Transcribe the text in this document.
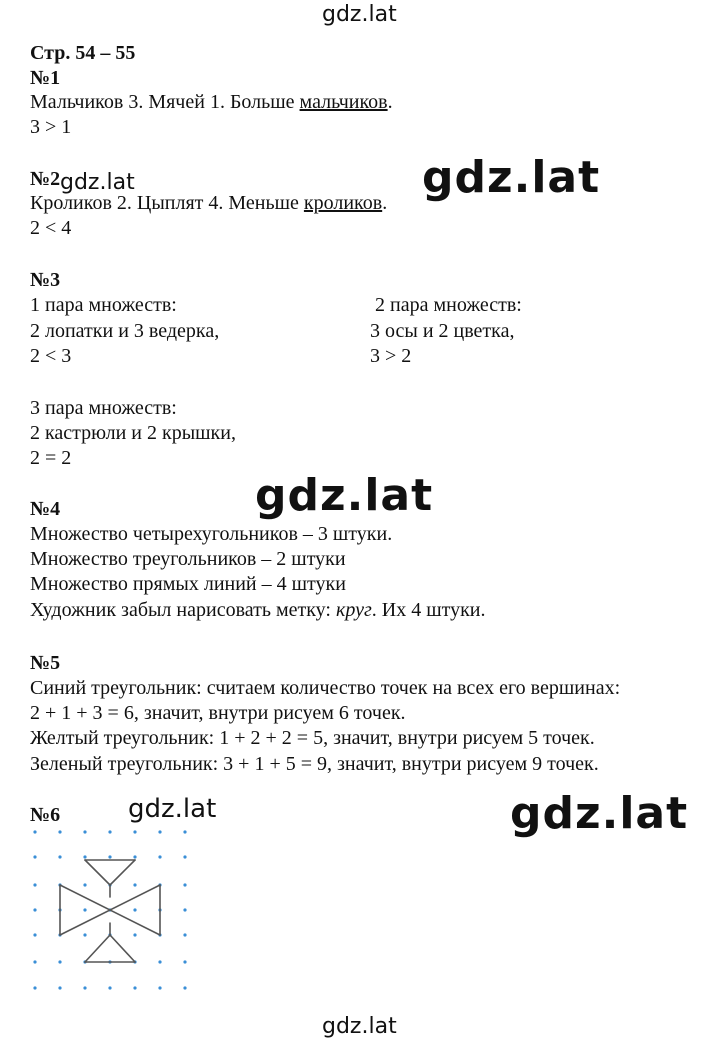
gdz.lat
gdz.lat	gdz.lat
gdz.lat
gdz.lat	gdz.lat
gdz.lat
Стр. 54 – 55
№1
Мальчиков 3. Мячей 1. Больше мальчиков.
3 > 1
№2
Кроликов 2. Цыплят 4. Меньше кроликов.
2 < 4
№3
1 пара множеств:
2 лопатки и 3 ведерка,
2 < 3
2 пара множеств:
3 осы и 2 цветка,
3 > 2
3 пара множеств:
2 кастрюли и 2 крышки,
2 = 2
№4
Множество четырехугольников – 3 штуки.
Множество треугольников – 2 штуки
Множество прямых линий – 4 штуки
Художник забыл нарисовать метку: круг. Их 4 штуки.
№5
Синий треугольник: считаем количество точек на всех его вершинах:
2 + 1 + 3 = 6, значит, внутри рисуем 6 точек.
Желтый треугольник: 1 + 2 + 2 = 5, значит, внутри рисуем 5 точек.
Зеленый треугольник: 3 + 1 + 5 = 9, значит, внутри рисуем 9 точек.
№6
